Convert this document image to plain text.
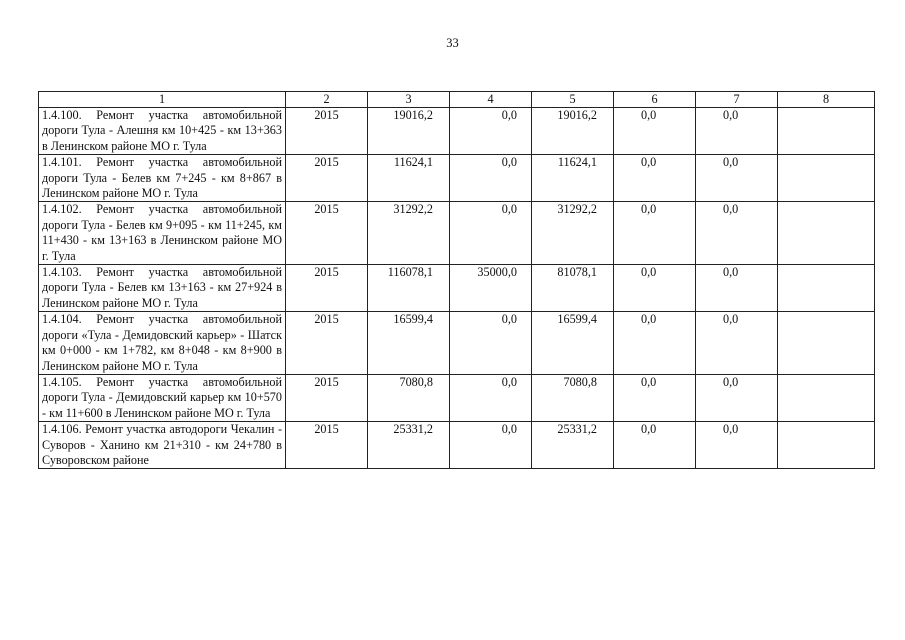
33
1	2	3	4	5	6	7	8
1.4.100. Ремонт участка автомобильной дороги Тула - Алешня км 10+425 - км 13+363 в Ленинском районе МО г. Тула	2015	19016,2	0,0	19016,2	0,0	0,0	
1.4.101. Ремонт участка автомобильной дороги Тула - Белев км 7+245 - км 8+867 в Ленинском районе МО г. Тула	2015	11624,1	0,0	11624,1	0,0	0,0	
1.4.102. Ремонт участка автомобильной дороги Тула - Белев км 9+095 - км 11+245, км 11+430 - км 13+163 в Ленинском районе МО г. Тула	2015	31292,2	0,0	31292,2	0,0	0,0	
1.4.103. Ремонт участка автомобильной дороги Тула - Белев км 13+163 - км 27+924 в Ленинском районе МО г. Тула	2015	116078,1	35000,0	81078,1	0,0	0,0	
1.4.104. Ремонт участка автомобильной дороги «Тула - Демидовский карьер» - Шатск км 0+000 - км 1+782, км 8+048 - км 8+900 в Ленинском районе МО г. Тула	2015	16599,4	0,0	16599,4	0,0	0,0	
1.4.105. Ремонт участка автомобильной дороги Тула - Демидовский карьер км 10+570 - км 11+600 в Ленинском районе МО г. Тула	2015	7080,8	0,0	7080,8	0,0	0,0	
1.4.106. Ремонт участка автодороги Чекалин - Суворов - Ханино км 21+310 - км 24+780 в Суворовском районе	2015	25331,2	0,0	25331,2	0,0	0,0	
